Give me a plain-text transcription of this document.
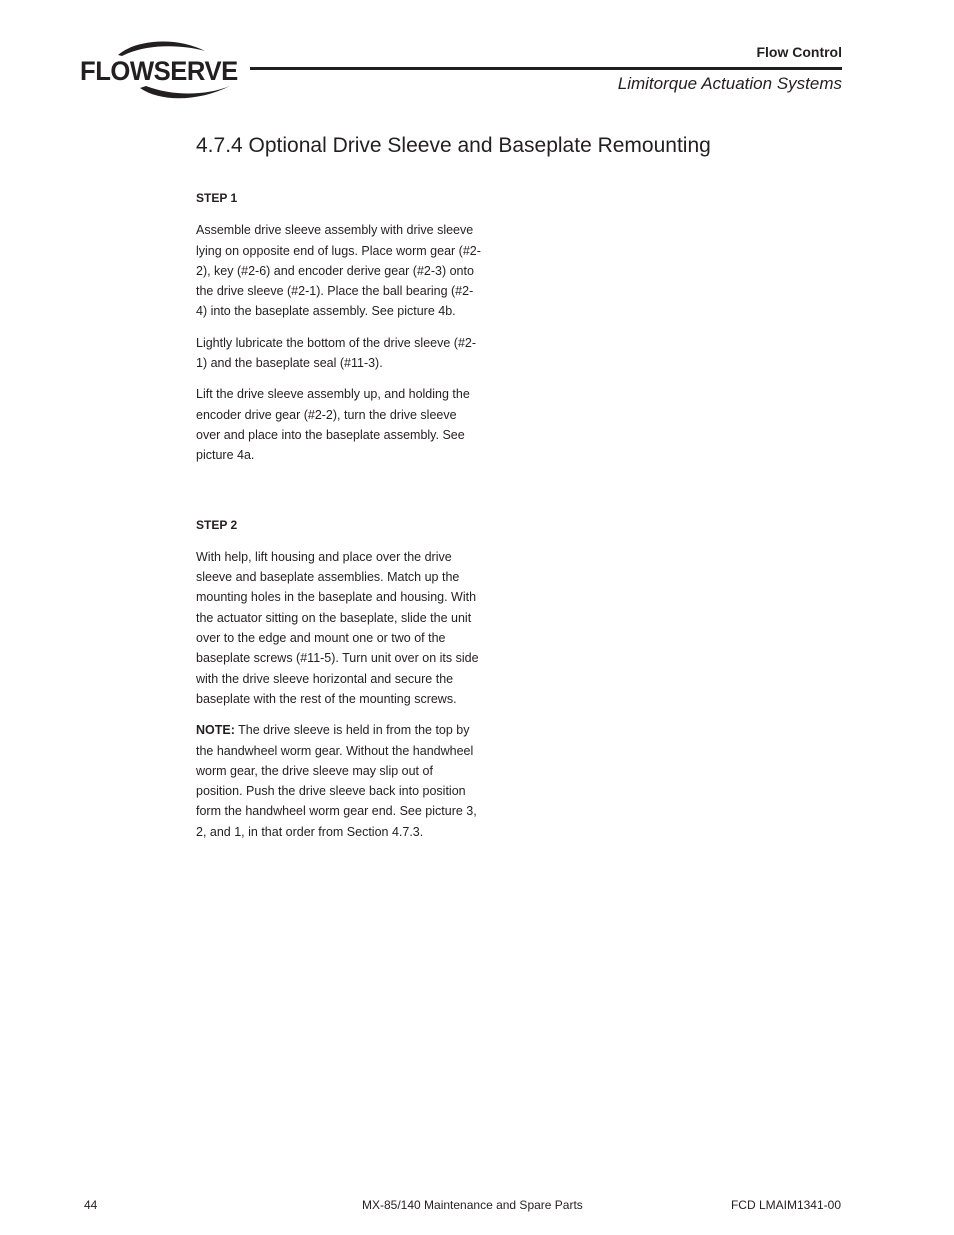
FLOWSERVE
Flow Control
Limitorque Actuation Systems
4.7.4 Optional Drive Sleeve and Baseplate Remounting
STEP 1

Assemble drive sleeve assembly with drive sleeve lying on opposite end of lugs. Place worm gear (#2-2), key (#2-6) and encoder derive gear (#2-3) onto the drive sleeve (#2-1). Place the ball bearing (#2-4) into the baseplate assembly. See picture 4b.

Lightly lubricate the bottom of the drive sleeve (#2-1) and the baseplate seal (#11-3).

Lift the drive sleeve assembly up, and holding the encoder drive gear (#2-2), turn the drive sleeve over and place into the baseplate assembly. See picture 4a.

STEP 2

With help, lift housing and place over the drive sleeve and baseplate assemblies. Match up the mounting holes in the baseplate and housing. With the actuator sitting on the baseplate, slide the unit over to the edge and mount one or two of the baseplate screws (#11-5). Turn unit over on its side with the drive sleeve horizontal and secure the baseplate with the rest of the mounting screws.

NOTE: The drive sleeve is held in from the top by the handwheel worm gear. Without the handwheel worm gear, the drive sleeve may slip out of position. Push the drive sleeve back into position form the handwheel worm gear end. See picture 3, 2, and 1, in that order from Section 4.7.3.

44	MX-85/140 Maintenance and Spare Parts	FCD LMAIM1341-00
